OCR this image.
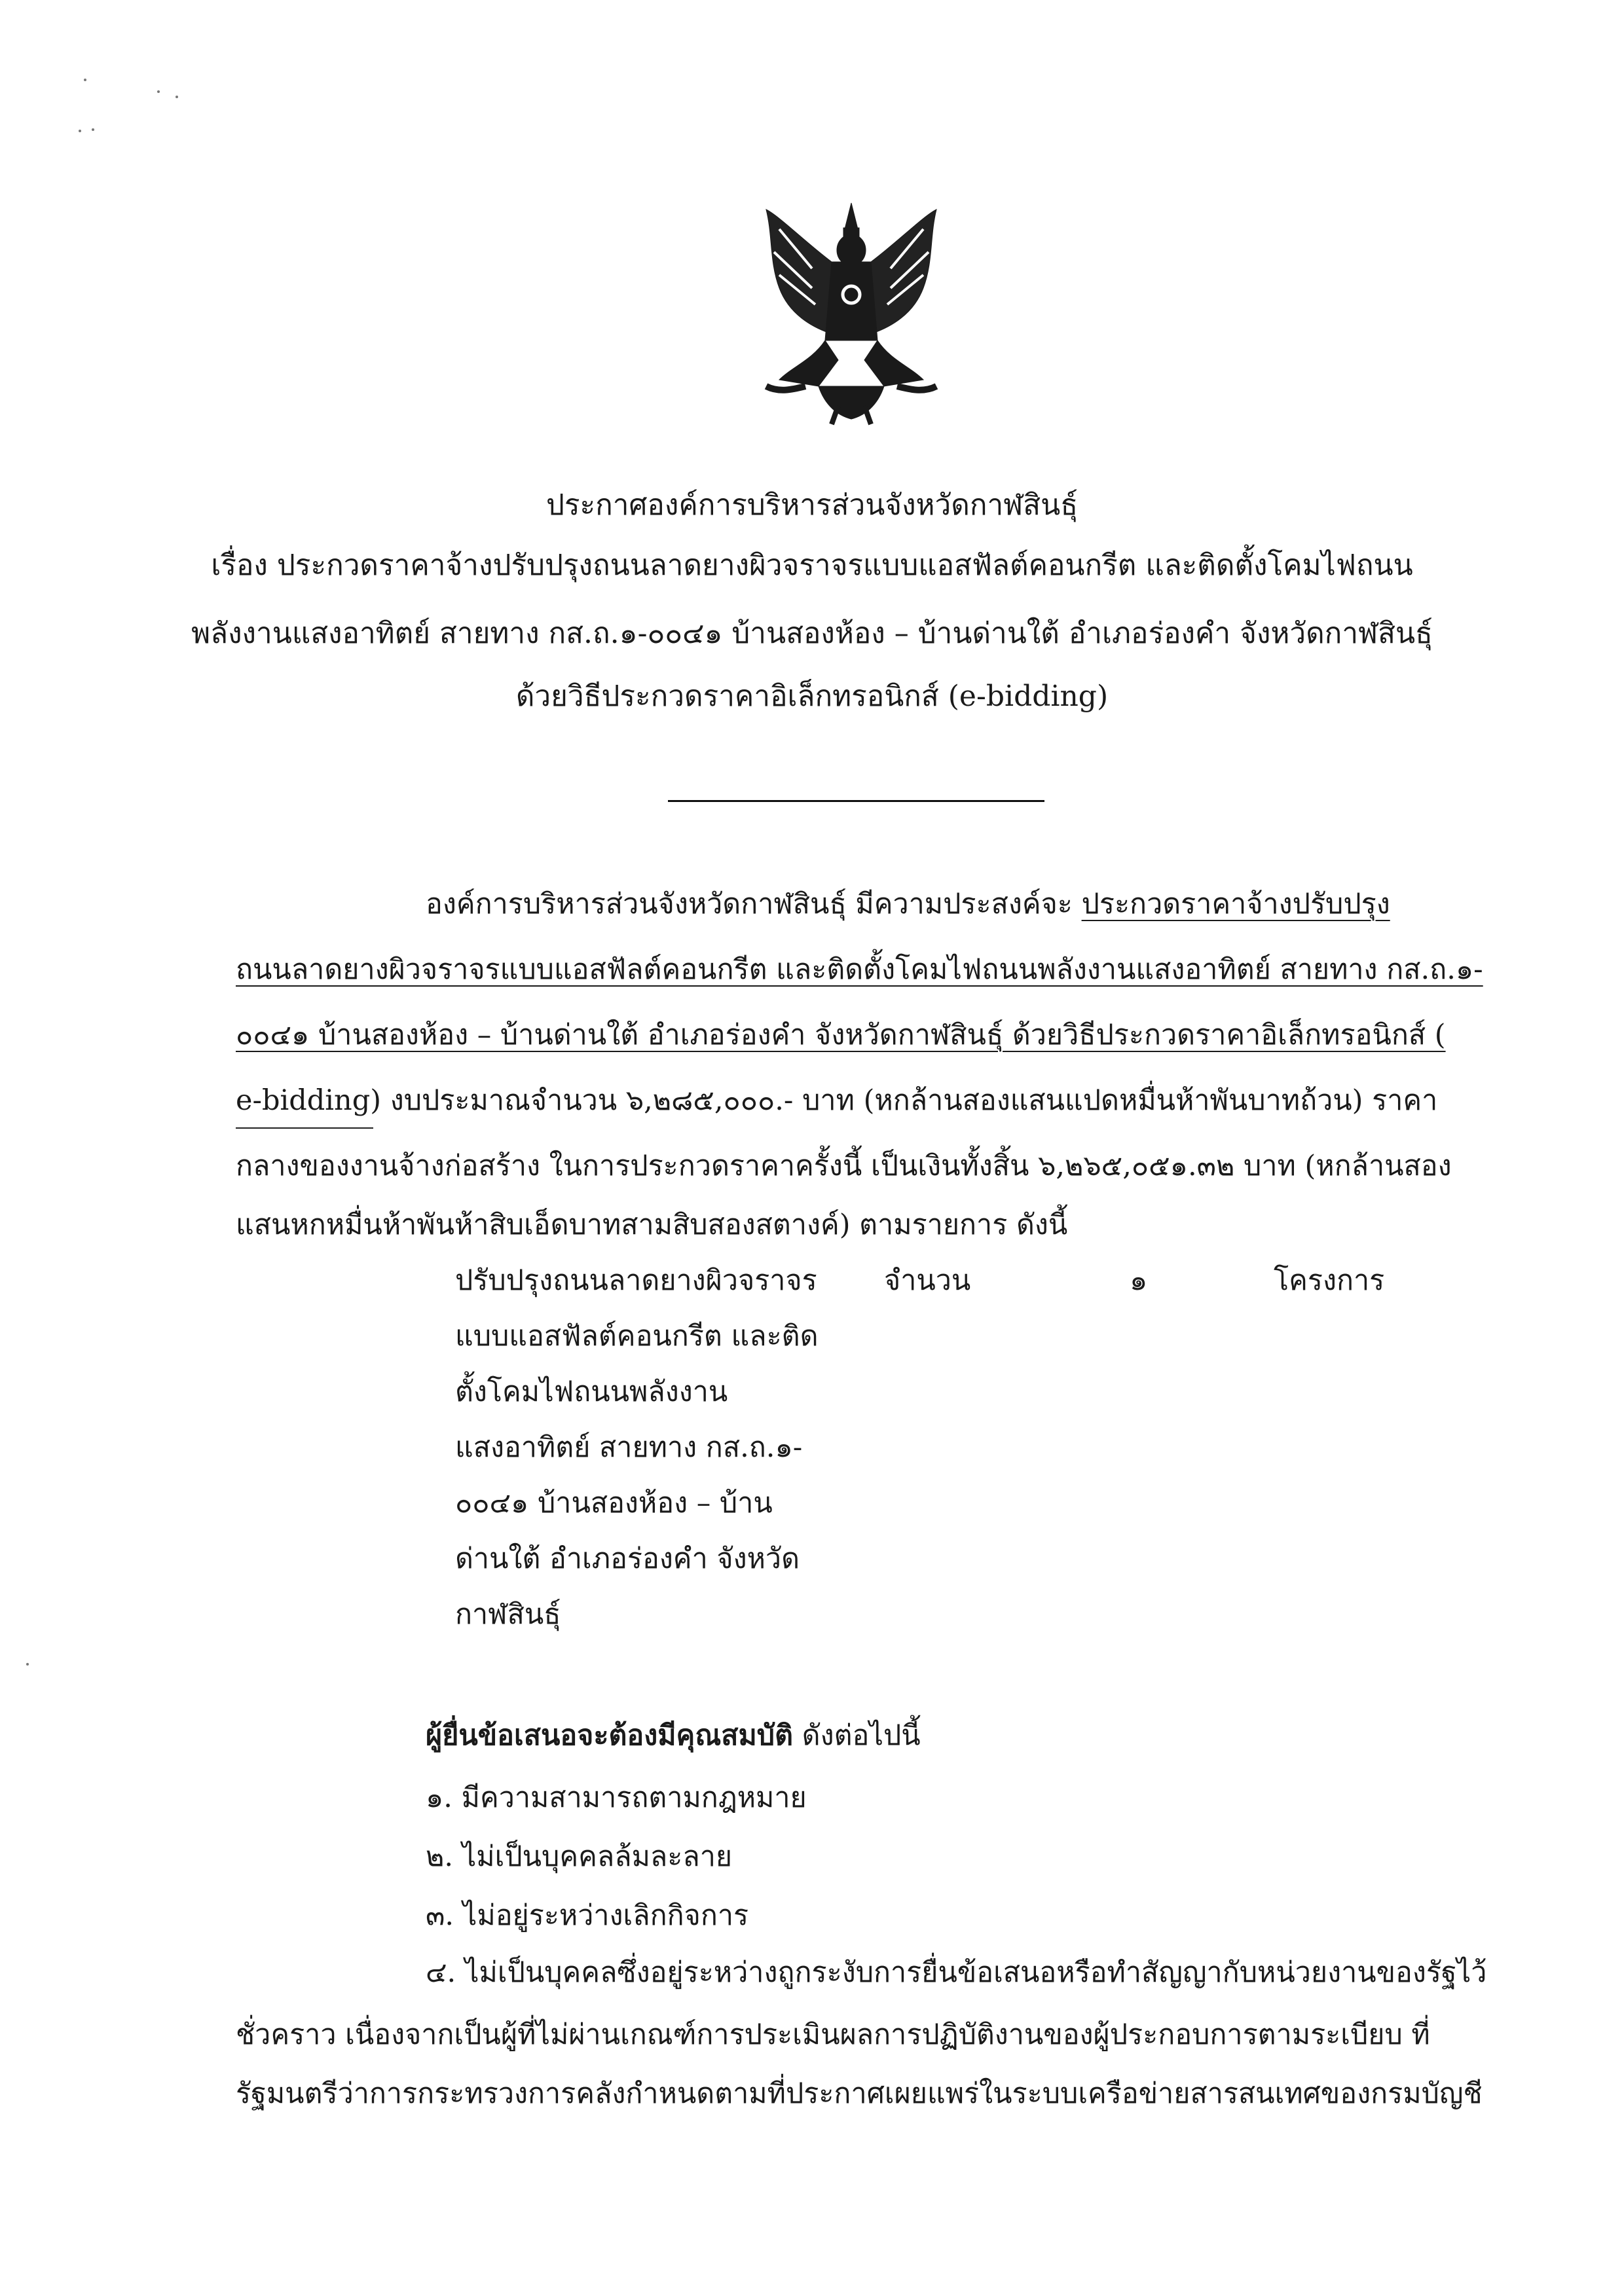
ประกาศองค์การบริหารส่วนจังหวัดกาฬสินธุ์
เรื่อง ประกวดราคาจ้างปรับปรุงถนนลาดยางผิวจราจรแบบแอสฟัลต์คอนกรีต และติดตั้งโคมไฟถนน
พลังงานแสงอาทิตย์ สายทาง กส.ถ.๑-๐๐๔๑ บ้านสองห้อง – บ้านด่านใต้ อำเภอร่องคำ จังหวัดกาฬสินธุ์
ด้วยวิธีประกวดราคาอิเล็กทรอนิกส์ (e-bidding)
องค์การบริหารส่วนจังหวัดกาฬสินธุ์ มีความประสงค์จะ ประกวดราคาจ้างปรับปรุง
ถนนลาดยางผิวจราจรแบบแอสฟัลต์คอนกรีต และติดตั้งโคมไฟถนนพลังงานแสงอาทิตย์ สายทาง กส.ถ.๑-
๐๐๔๑ บ้านสองห้อง – บ้านด่านใต้ อำเภอร่องคำ จังหวัดกาฬสินธุ์ ด้วยวิธีประกวดราคาอิเล็กทรอนิกส์ (
e-bidding) งบประมาณจำนวน ๖,๒๘๕,๐๐๐.- บาท (หกล้านสองแสนแปดหมื่นห้าพันบาทถ้วน) ราคา
กลางของงานจ้างก่อสร้าง ในการประกวดราคาครั้งนี้ เป็นเงินทั้งสิ้น ๖,๒๖๕,๐๕๑.๓๒ บาท (หกล้านสอง
แสนหกหมื่นห้าพันห้าสิบเอ็ดบาทสามสิบสองสตางค์) ตามรายการ ดังนี้
ปรับปรุงถนนลาดยางผิวจราจร
แบบแอสฟัลต์คอนกรีต และติด
ตั้งโคมไฟถนนพลังงาน
แสงอาทิตย์ สายทาง กส.ถ.๑-
๐๐๔๑ บ้านสองห้อง – บ้าน
ด่านใต้ อำเภอร่องคำ จังหวัด
กาฬสินธุ์
จำนวน	๑	โครงการ
ผู้ยื่นข้อเสนอจะต้องมีคุณสมบัติ ดังต่อไปนี้
๑. มีความสามารถตามกฎหมาย
๒. ไม่เป็นบุคคลล้มละลาย
๓. ไม่อยู่ระหว่างเลิกกิจการ
๔. ไม่เป็นบุคคลซึ่งอยู่ระหว่างถูกระงับการยื่นข้อเสนอหรือทำสัญญากับหน่วยงานของรัฐไว้
ชั่วคราว เนื่องจากเป็นผู้ที่ไม่ผ่านเกณฑ์การประเมินผลการปฏิบัติงานของผู้ประกอบการตามระเบียบ ที่
รัฐมนตรีว่าการกระทรวงการคลังกำหนดตามที่ประกาศเผยแพร่ในระบบเครือข่ายสารสนเทศของกรมบัญชี
